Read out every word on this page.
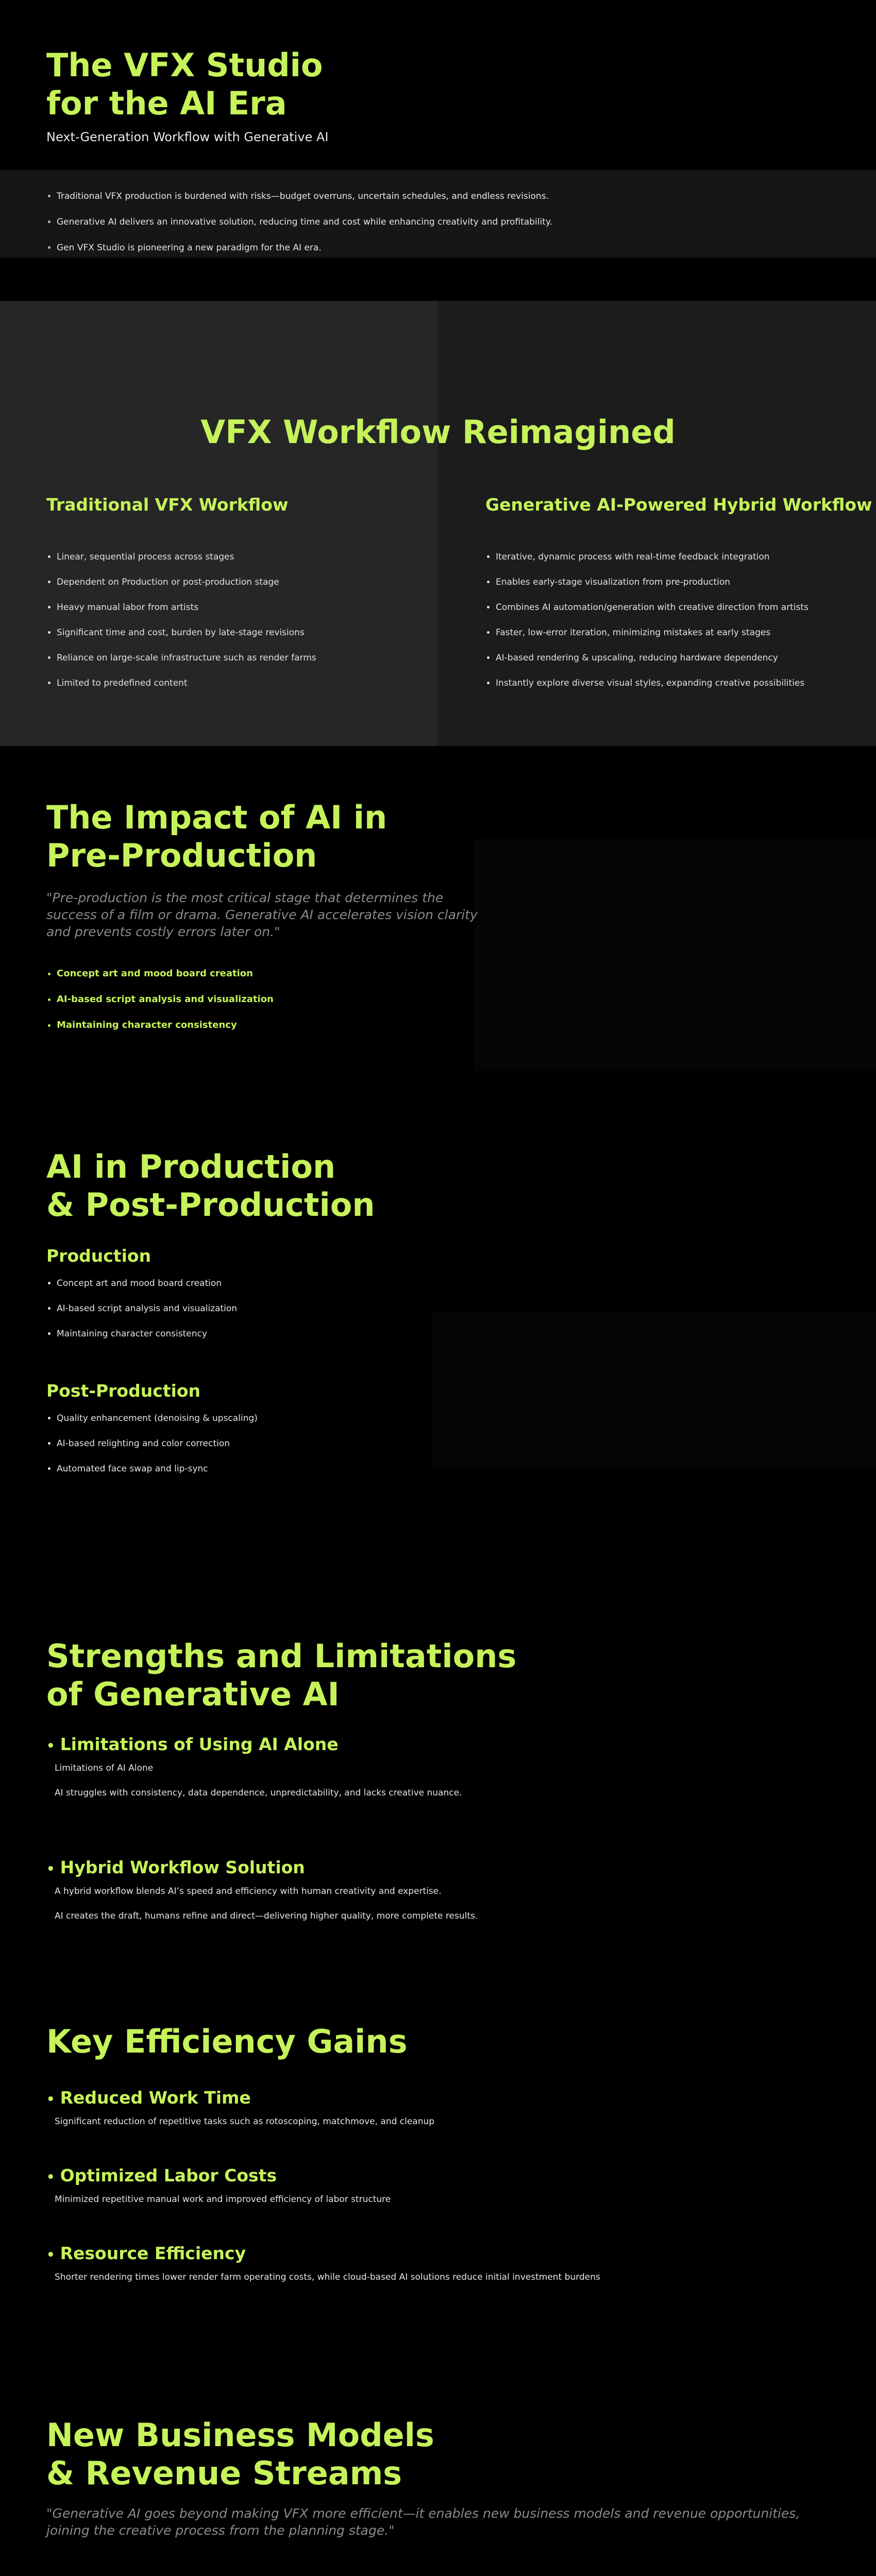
The VFX Studio
for the AI Era
Next-Generation Workflow with Generative AI
• Traditional VFX production is burdened with risks—budget overruns, uncertain schedules, and endless revisions.
• Generative AI delivers an innovative solution, reducing time and cost while enhancing creativity and profitability.
• Gen VFX Studio is pioneering a new paradigm for the AI era.
VFX Workflow Reimagined
Traditional VFX Workflow
• Linear, sequential process across stages
• Dependent on Production or post-production stage
• Heavy manual labor from artists
• Significant time and cost, burden by late-stage revisions
• Reliance on large-scale infrastructure such as render farms
• Limited to predefined content
Generative AI-Powered Hybrid Workflow
• Iterative, dynamic process with real-time feedback integration
• Enables early-stage visualization from pre-production
• Combines AI automation/generation with creative direction from artists
• Faster, low-error iteration, minimizing mistakes at early stages
• AI-based rendering & upscaling, reducing hardware dependency
• Instantly explore diverse visual styles, expanding creative possibilities
The Impact of AI in
Pre-Production
"Pre-production is the most critical stage that determines the success of a film or drama. Generative AI accelerates vision clarity and prevents costly errors later on."
• Concept art and mood board creation
• AI-based script analysis and visualization
• Maintaining character consistency
AI in Production
& Post-Production
Production
• Concept art and mood board creation
• AI-based script analysis and visualization
• Maintaining character consistency
Post-Production
• Quality enhancement (denoising & upscaling)
• AI-based relighting and color correction
• Automated face swap and lip-sync
Strengths and Limitations
of Generative AI
• Limitations of Using AI Alone

Limitations of AI Alone

AI struggles with consistency, data dependence, unpredictability, and lacks creative nuance.

• Hybrid Workflow Solution

A hybrid workflow blends AI’s speed and efficiency with human creativity and expertise.

AI creates the draft, humans refine and direct—delivering higher quality, more complete results.

Key Efficiency Gains
• Reduced Work Time

Significant reduction of repetitive tasks such as rotoscoping, matchmove, and cleanup

• Optimized Labor Costs

Minimized repetitive manual work and improved efficiency of labor structure

• Resource Efficiency

Shorter rendering times lower render farm operating costs, while cloud-based AI solutions reduce initial investment burdens

New Business Models
& Revenue Streams
"Generative AI goes beyond making VFX more efficient—it enables new business models and revenue opportunities, joining the creative process from the planning stage."
